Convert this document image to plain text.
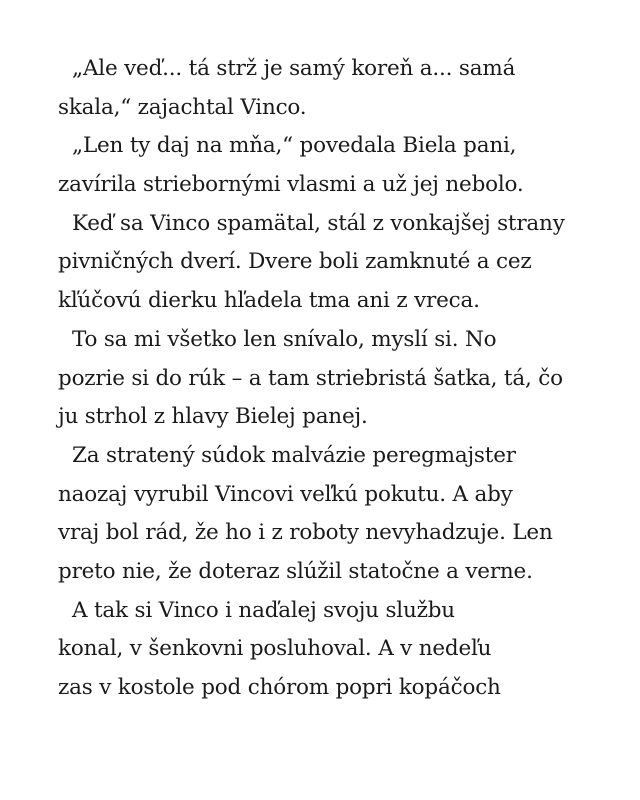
„Ale veď... tá strž je samý koreň a... samá
skala,“ zajachtal Vinco.
„Len ty daj na mňa,“ povedala Biela pani,
zavírila striebornými vlasmi a už jej nebolo.
Keď sa Vinco spamätal, stál z vonkajšej strany
pivničných dverí. Dvere boli zamknuté a cez
kľúčovú dierku hľadela tma ani z vreca.
To sa mi všetko len snívalo, myslí si. No
pozrie si do rúk – a tam striebristá šatka, tá, čo
ju strhol z hlavy Bielej panej.
Za stratený súdok malvázie peregmajster
naozaj vyrubil Vincovi veľkú pokutu. A aby
vraj bol rád, že ho i z roboty nevyhadzuje. Len
preto nie, že doteraz slúžil statočne a verne.
A tak si Vinco i naďalej svoju službu
konal, v šenkovni posluhoval. A v nedeľu
zas v kostole pod chórom popri kopáčoch
